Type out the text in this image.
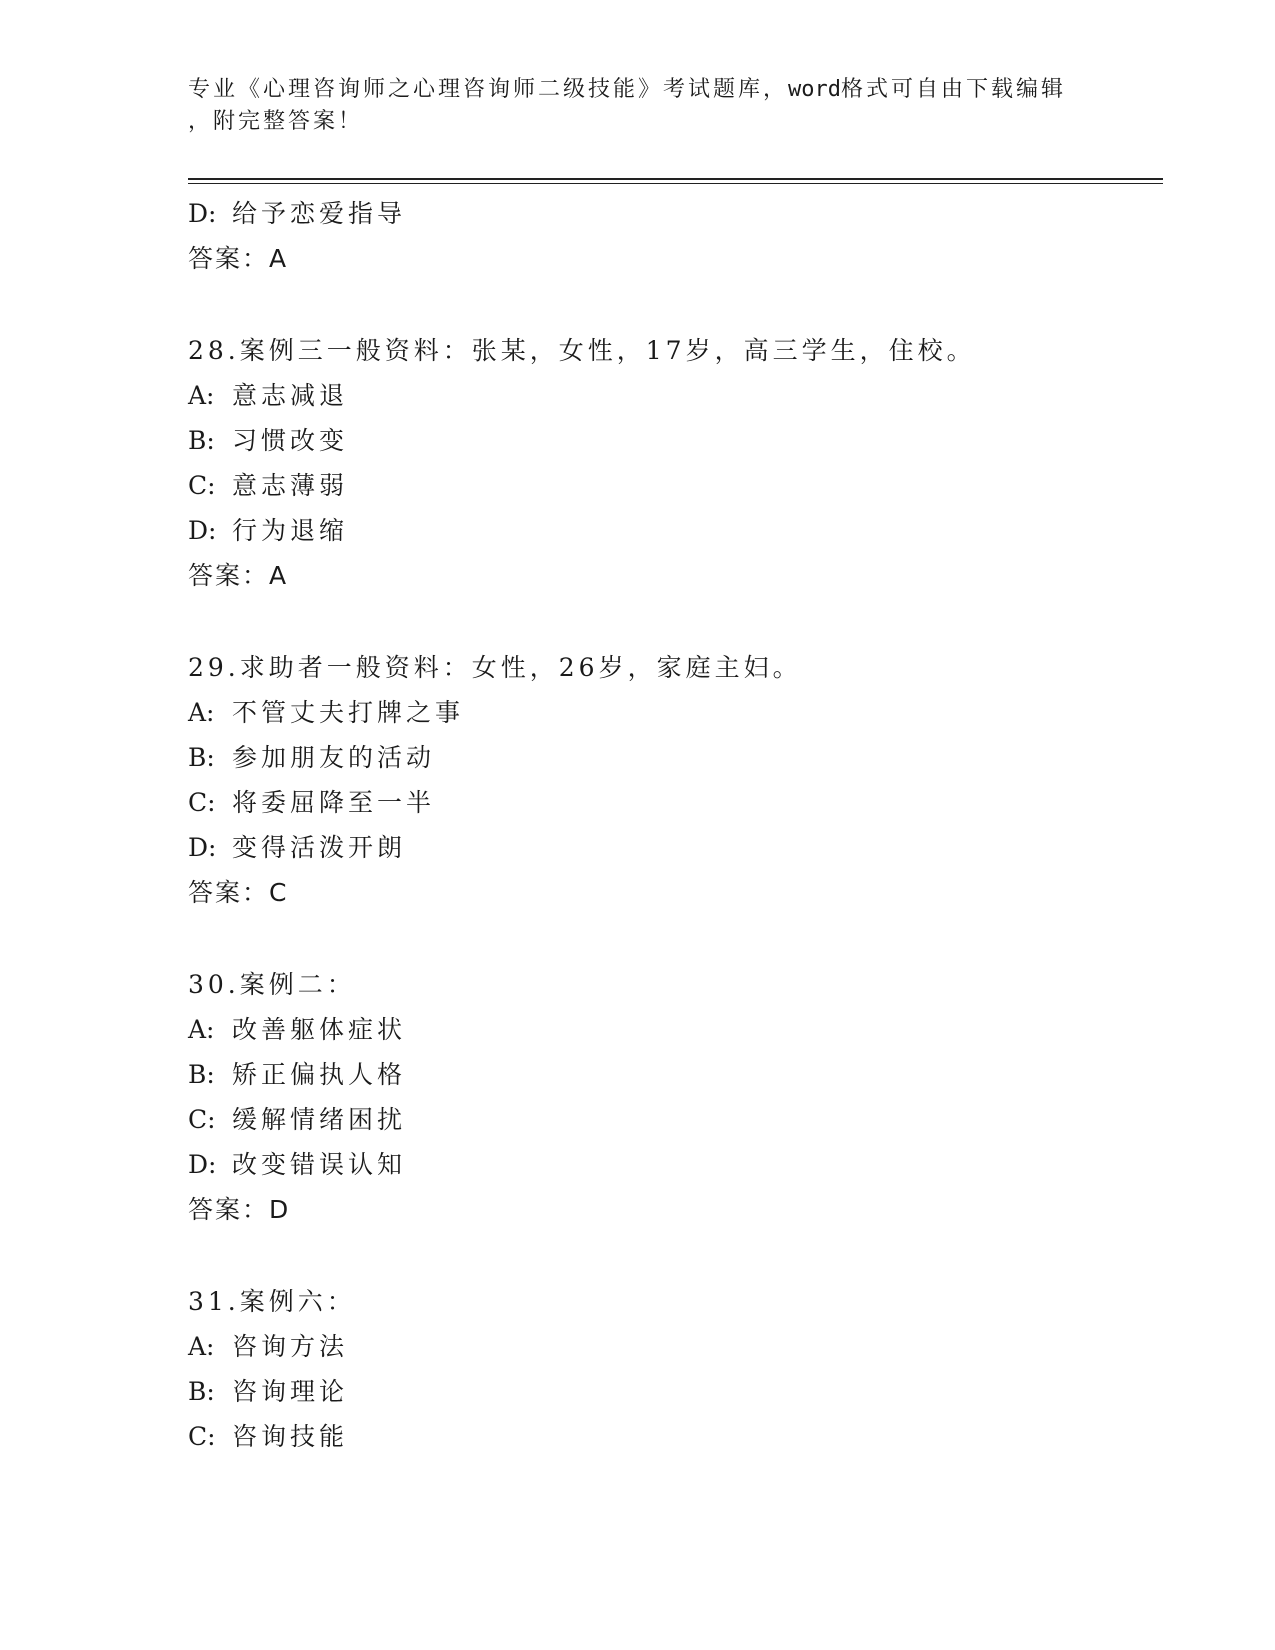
专业《心理咨询师之心理咨询师二级技能》考试题库，word格式可自由下载编辑
，附完整答案！
D: 给予恋爱指导
答案：A
28.案例三一般资料：张某，女性，17岁，高三学生，住校。
A: 意志减退
B: 习惯改变
C: 意志薄弱
D: 行为退缩
答案：A
29.求助者一般资料：女性，26岁，家庭主妇。
A: 不管丈夫打牌之事
B: 参加朋友的活动
C: 将委屈降至一半
D: 变得活泼开朗
答案：C
30.案例二：
A: 改善躯体症状
B: 矫正偏执人格
C: 缓解情绪困扰
D: 改变错误认知
答案：D
31.案例六：
A: 咨询方法
B: 咨询理论
C: 咨询技能
